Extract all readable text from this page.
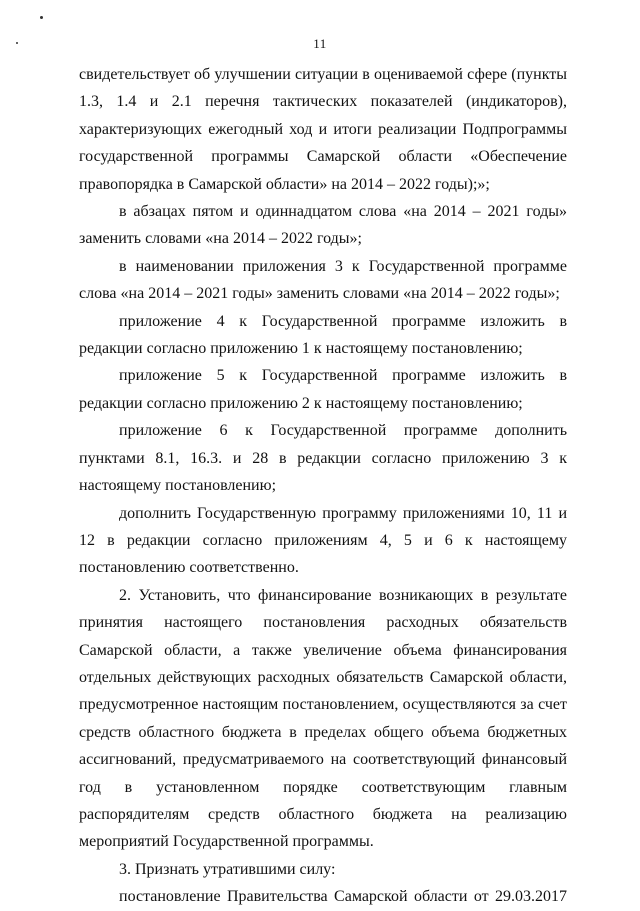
11

свидетельствует об улучшении ситуации в оцениваемой сфере (пункты 1.3, 1.4 и 2.1 перечня тактических показателей (индикаторов), характеризующих ежегодный ход и итоги реализации Подпрограммы государственной программы Самарской области «Обеспечение правопорядка в Самарской области» на 2014 – 2022 годы);»;

в абзацах пятом и одиннадцатом слова «на 2014 – 2021 годы» заменить словами «на 2014 – 2022 годы»;

в наименовании приложения 3 к Государственной программе слова «на 2014 – 2021 годы» заменить словами «на 2014 – 2022 годы»;

приложение 4 к Государственной программе изложить в редакции согласно приложению 1 к настоящему постановлению;

приложение 5 к Государственной программе изложить в редакции согласно приложению 2 к настоящему постановлению;

приложение 6 к Государственной программе дополнить пунктами 8.1, 16.3. и 28 в редакции согласно приложению 3 к настоящему постановлению;

дополнить Государственную программу приложениями 10, 11 и 12 в редакции согласно приложениям 4, 5 и 6 к настоящему постановлению соответственно.

2. Установить, что финансирование возникающих в результате принятия настоящего постановления расходных обязательств Самарской области, а также увеличение объема финансирования отдельных действующих расходных обязательств Самарской области, предусмотренное настоящим постановлением, осуществляются за счет средств областного бюджета в пределах общего объема бюджетных ассигнований, предусматриваемого на соответствующий финансовый год в установленном порядке соответствующим главным распорядителям средств областного бюджета на реализацию мероприятий Государственной программы.

3. Признать утратившими силу:

постановление Правительства Самарской области от 29.03.2017
